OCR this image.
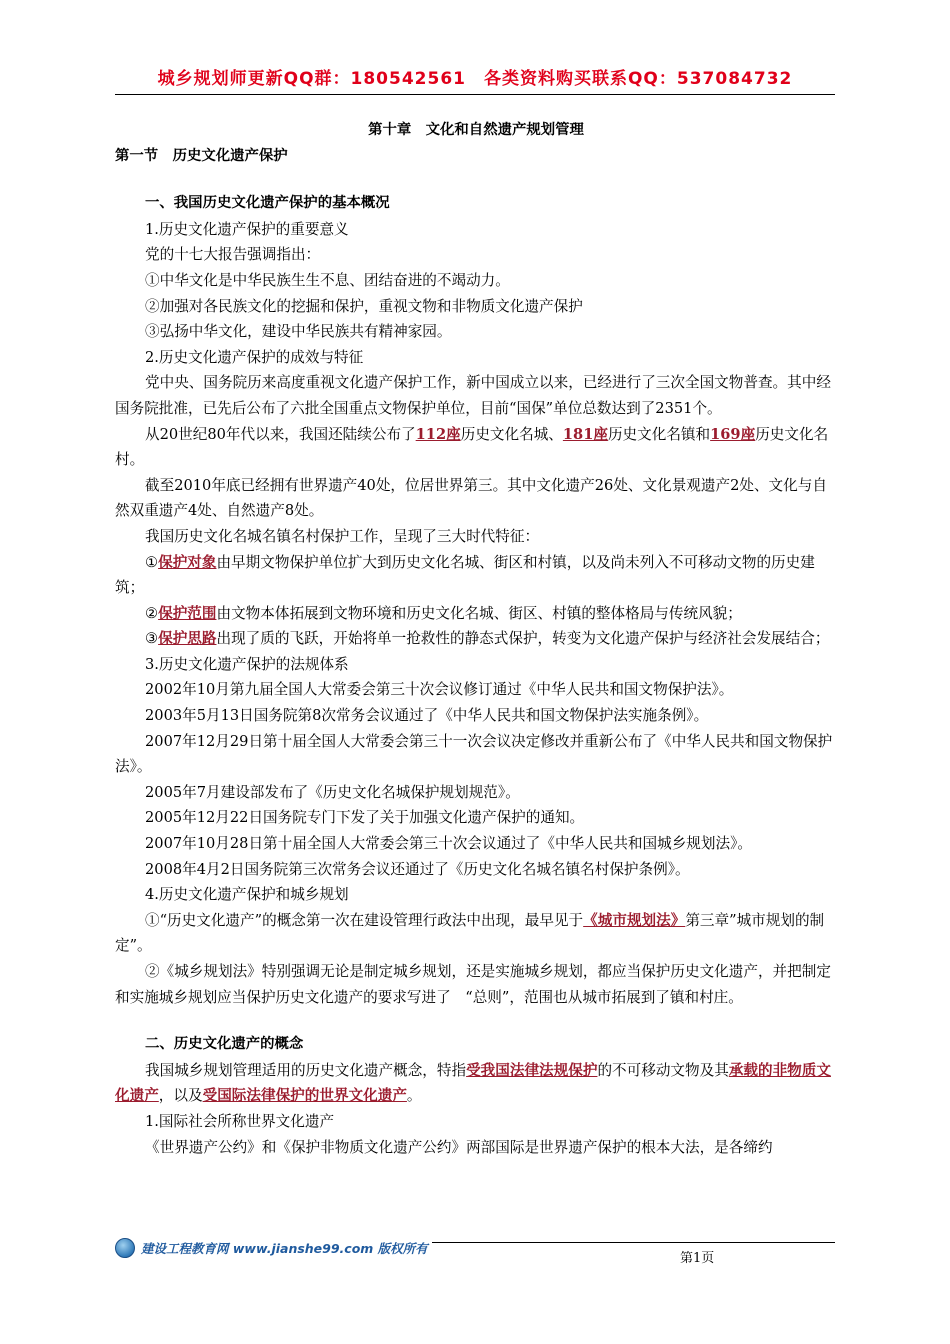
城乡规划师更新QQ群：180542561　各类资料购买联系QQ：537084732

第十章　文化和自然遗产规划管理

第一节　历史文化遗产保护

一、我国历史文化遗产保护的基本概况

1.历史文化遗产保护的重要意义

党的十七大报告强调指出：

①中华文化是中华民族生生不息、团结奋进的不竭动力。

②加强对各民族文化的挖掘和保护，重视文物和非物质文化遗产保护

③弘扬中华文化，建设中华民族共有精神家园。

2.历史文化遗产保护的成效与特征

党中央、国务院历来高度重视文化遗产保护工作，新中国成立以来，已经进行了三次全国文物普查。其中经国务院批准，已先后公布了六批全国重点文物保护单位，目前“国保”单位总数达到了2351个。

从20世纪80年代以来，我国还陆续公布了112座历史文化名城、181座历史文化名镇和169座历史文化名村。

截至2010年底已经拥有世界遗产40处，位居世界第三。其中文化遗产26处、文化景观遗产2处、文化与自然双重遗产4处、自然遗产8处。

我国历史文化名城名镇名村保护工作，呈现了三大时代特征：

①保护对象由早期文物保护单位扩大到历史文化名城、街区和村镇，以及尚未列入不可移动文物的历史建筑；

②保护范围由文物本体拓展到文物环境和历史文化名城、街区、村镇的整体格局与传统风貌；

③保护思路出现了质的飞跃，开始将单一抢救性的静态式保护，转变为文化遗产保护与经济社会发展结合；

3.历史文化遗产保护的法规体系

2002年10月第九届全国人大常委会第三十次会议修订通过《中华人民共和国文物保护法》。

2003年5月13日国务院第8次常务会议通过了《中华人民共和国文物保护法实施条例》。

2007年12月29日第十届全国人大常委会第三十一次会议决定修改并重新公布了《中华人民共和国文物保护法》。

2005年7月建设部发布了《历史文化名城保护规划规范》。

2005年12月22日国务院专门下发了关于加强文化遗产保护的通知。

2007年10月28日第十届全国人大常委会第三十次会议通过了《中华人民共和国城乡规划法》。

2008年4月2日国务院第三次常务会议还通过了《历史文化名城名镇名村保护条例》。

4.历史文化遗产保护和城乡规划

①“历史文化遗产”的概念第一次在建设管理行政法中出现，最早见于《城市规划法》第三章”城市规划的制定”。

②《城乡规划法》特别强调无论是制定城乡规划，还是实施城乡规划，都应当保护历史文化遗产，并把制定和实施城乡规划应当保护历史文化遗产的要求写进了　“总则”，范围也从城市拓展到了镇和村庄。

二、历史文化遗产的概念

我国城乡规划管理适用的历史文化遗产概念，特指受我国法律法规保护的不可移动文物及其承载的非物质文化遗产，以及受国际法律保护的世界文化遗产。

1.国际社会所称世界文化遗产

《世界遗产公约》和《保护非物质文化遗产公约》两部国际是世界遗产保护的根本大法，是各缔约

建设工程教育网 www.jianshe99.com 版权所有
第1页
